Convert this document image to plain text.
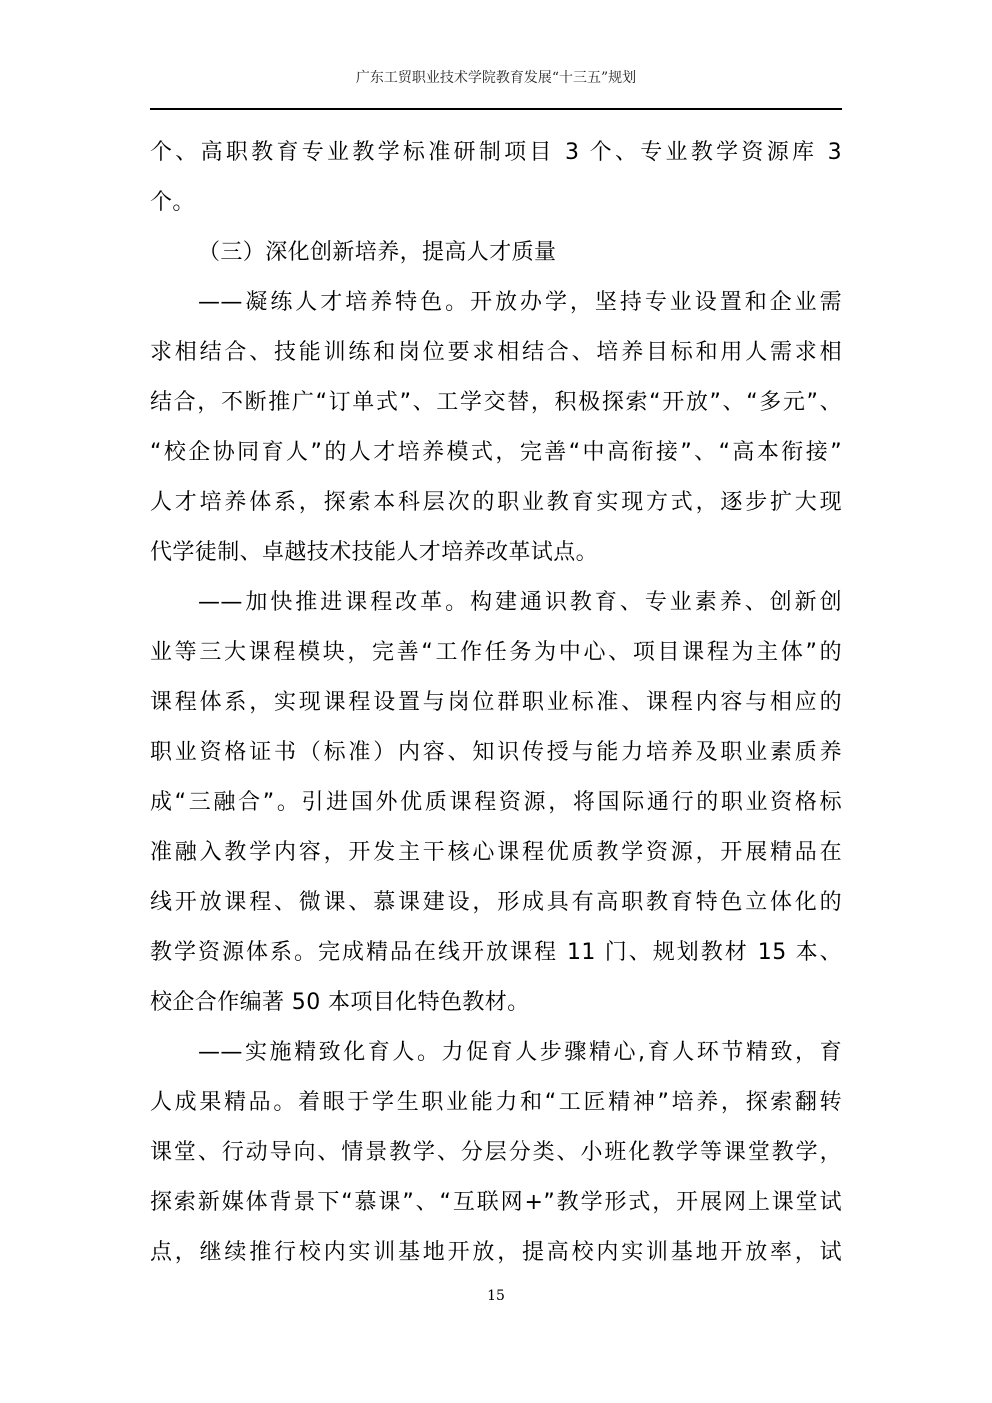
广东工贸职业技术学院教育发展“十三五”规划
个、高职教育专业教学标准研制项目 3 个、专业教学资源库 3
个。
（三）深化创新培养，提高人才质量
——凝练人才培养特色。开放办学，坚持专业设置和企业需
求相结合、技能训练和岗位要求相结合、培养目标和用人需求相
结合，不断推广“订单式”、工学交替，积极探索“开放”、“多元”、
“校企协同育人”的人才培养模式，完善“中高衔接”、“高本衔接”
人才培养体系，探索本科层次的职业教育实现方式，逐步扩大现
代学徒制、卓越技术技能人才培养改革试点。
——加快推进课程改革。构建通识教育、专业素养、创新创
业等三大课程模块，完善“工作任务为中心、项目课程为主体”的
课程体系，实现课程设置与岗位群职业标准、课程内容与相应的
职业资格证书（标准）内容、知识传授与能力培养及职业素质养
成“三融合”。引进国外优质课程资源，将国际通行的职业资格标
准融入教学内容，开发主干核心课程优质教学资源，开展精品在
线开放课程、微课、慕课建设，形成具有高职教育特色立体化的
教学资源体系。完成精品在线开放课程 11 门、规划教材 15 本、
校企合作编著 50 本项目化特色教材。
——实施精致化育人。力促育人步骤精心,育人环节精致，育
人成果精品。着眼于学生职业能力和“工匠精神”培养，探索翻转
课堂、行动导向、情景教学、分层分类、小班化教学等课堂教学，
探索新媒体背景下“慕课”、“互联网+”教学形式，开展网上课堂试
点，继续推行校内实训基地开放，提高校内实训基地开放率，试
15
